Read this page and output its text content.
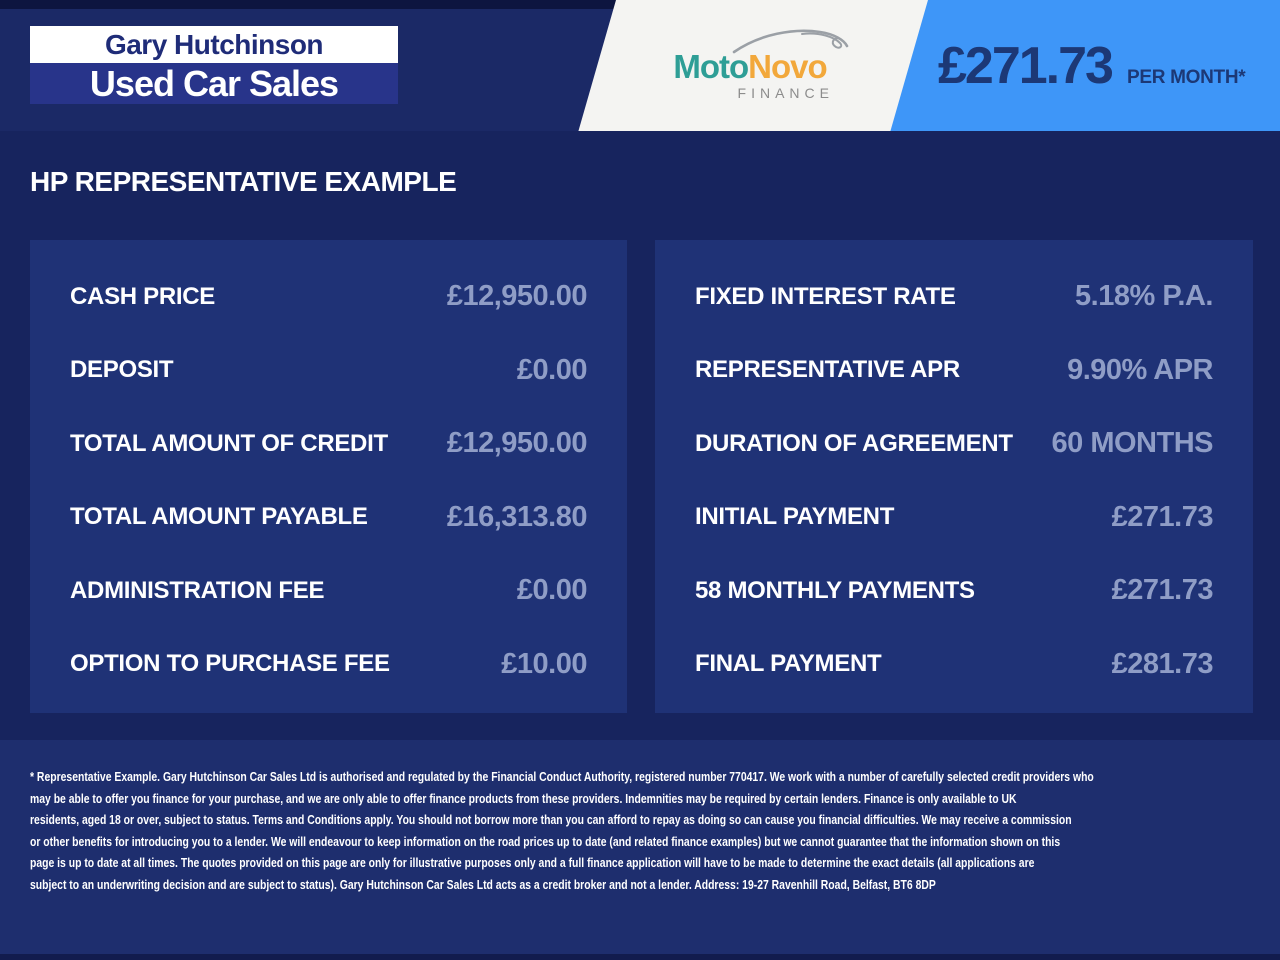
Gary Hutchinson
Used Car Sales	MotoNovo
FINANCE £271.73 PER MONTH*
HP REPRESENTATIVE EXAMPLE
CASH PRICE	£12,950.00
DEPOSIT	£0.00
TOTAL AMOUNT OF CREDIT £12,950.00
TOTAL AMOUNT PAYABLE	£16,313.80
ADMINISTRATION FEE	£0.00
OPTION TO PURCHASE FEE	£10.00
FIXED INTEREST RATE	5.18% P.A.
REPRESENTATIVE APR	9.90% APR
DURATION OF AGREEMENT 60 MONTHS
INITIAL PAYMENT	£271.73
58 MONTHLY PAYMENTS	£271.73
FINAL PAYMENT	£281.73
* Representative Example. Gary Hutchinson Car Sales Ltd is authorised and regulated by the Financial Conduct Authority, registered number 770417. We work with a number of carefully selected credit providers who
may be able to offer you finance for your purchase, and we are only able to offer finance products from these providers. Indemnities may be required by certain lenders. Finance is only available to UK
residents, aged 18 or over, subject to status. Terms and Conditions apply. You should not borrow more than you can afford to repay as doing so can cause you financial difficulties. We may receive a commission
or other benefits for introducing you to a lender. We will endeavour to keep information on the road prices up to date (and related finance examples) but we cannot guarantee that the information shown on this
page is up to date at all times. The quotes provided on this page are only for illustrative purposes only and a full finance application will have to be made to determine the exact details (all applications are
subject to an underwriting decision and are subject to status). Gary Hutchinson Car Sales Ltd acts as a credit broker and not a lender. Address: 19-27 Ravenhill Road, Belfast, BT6 8DP
